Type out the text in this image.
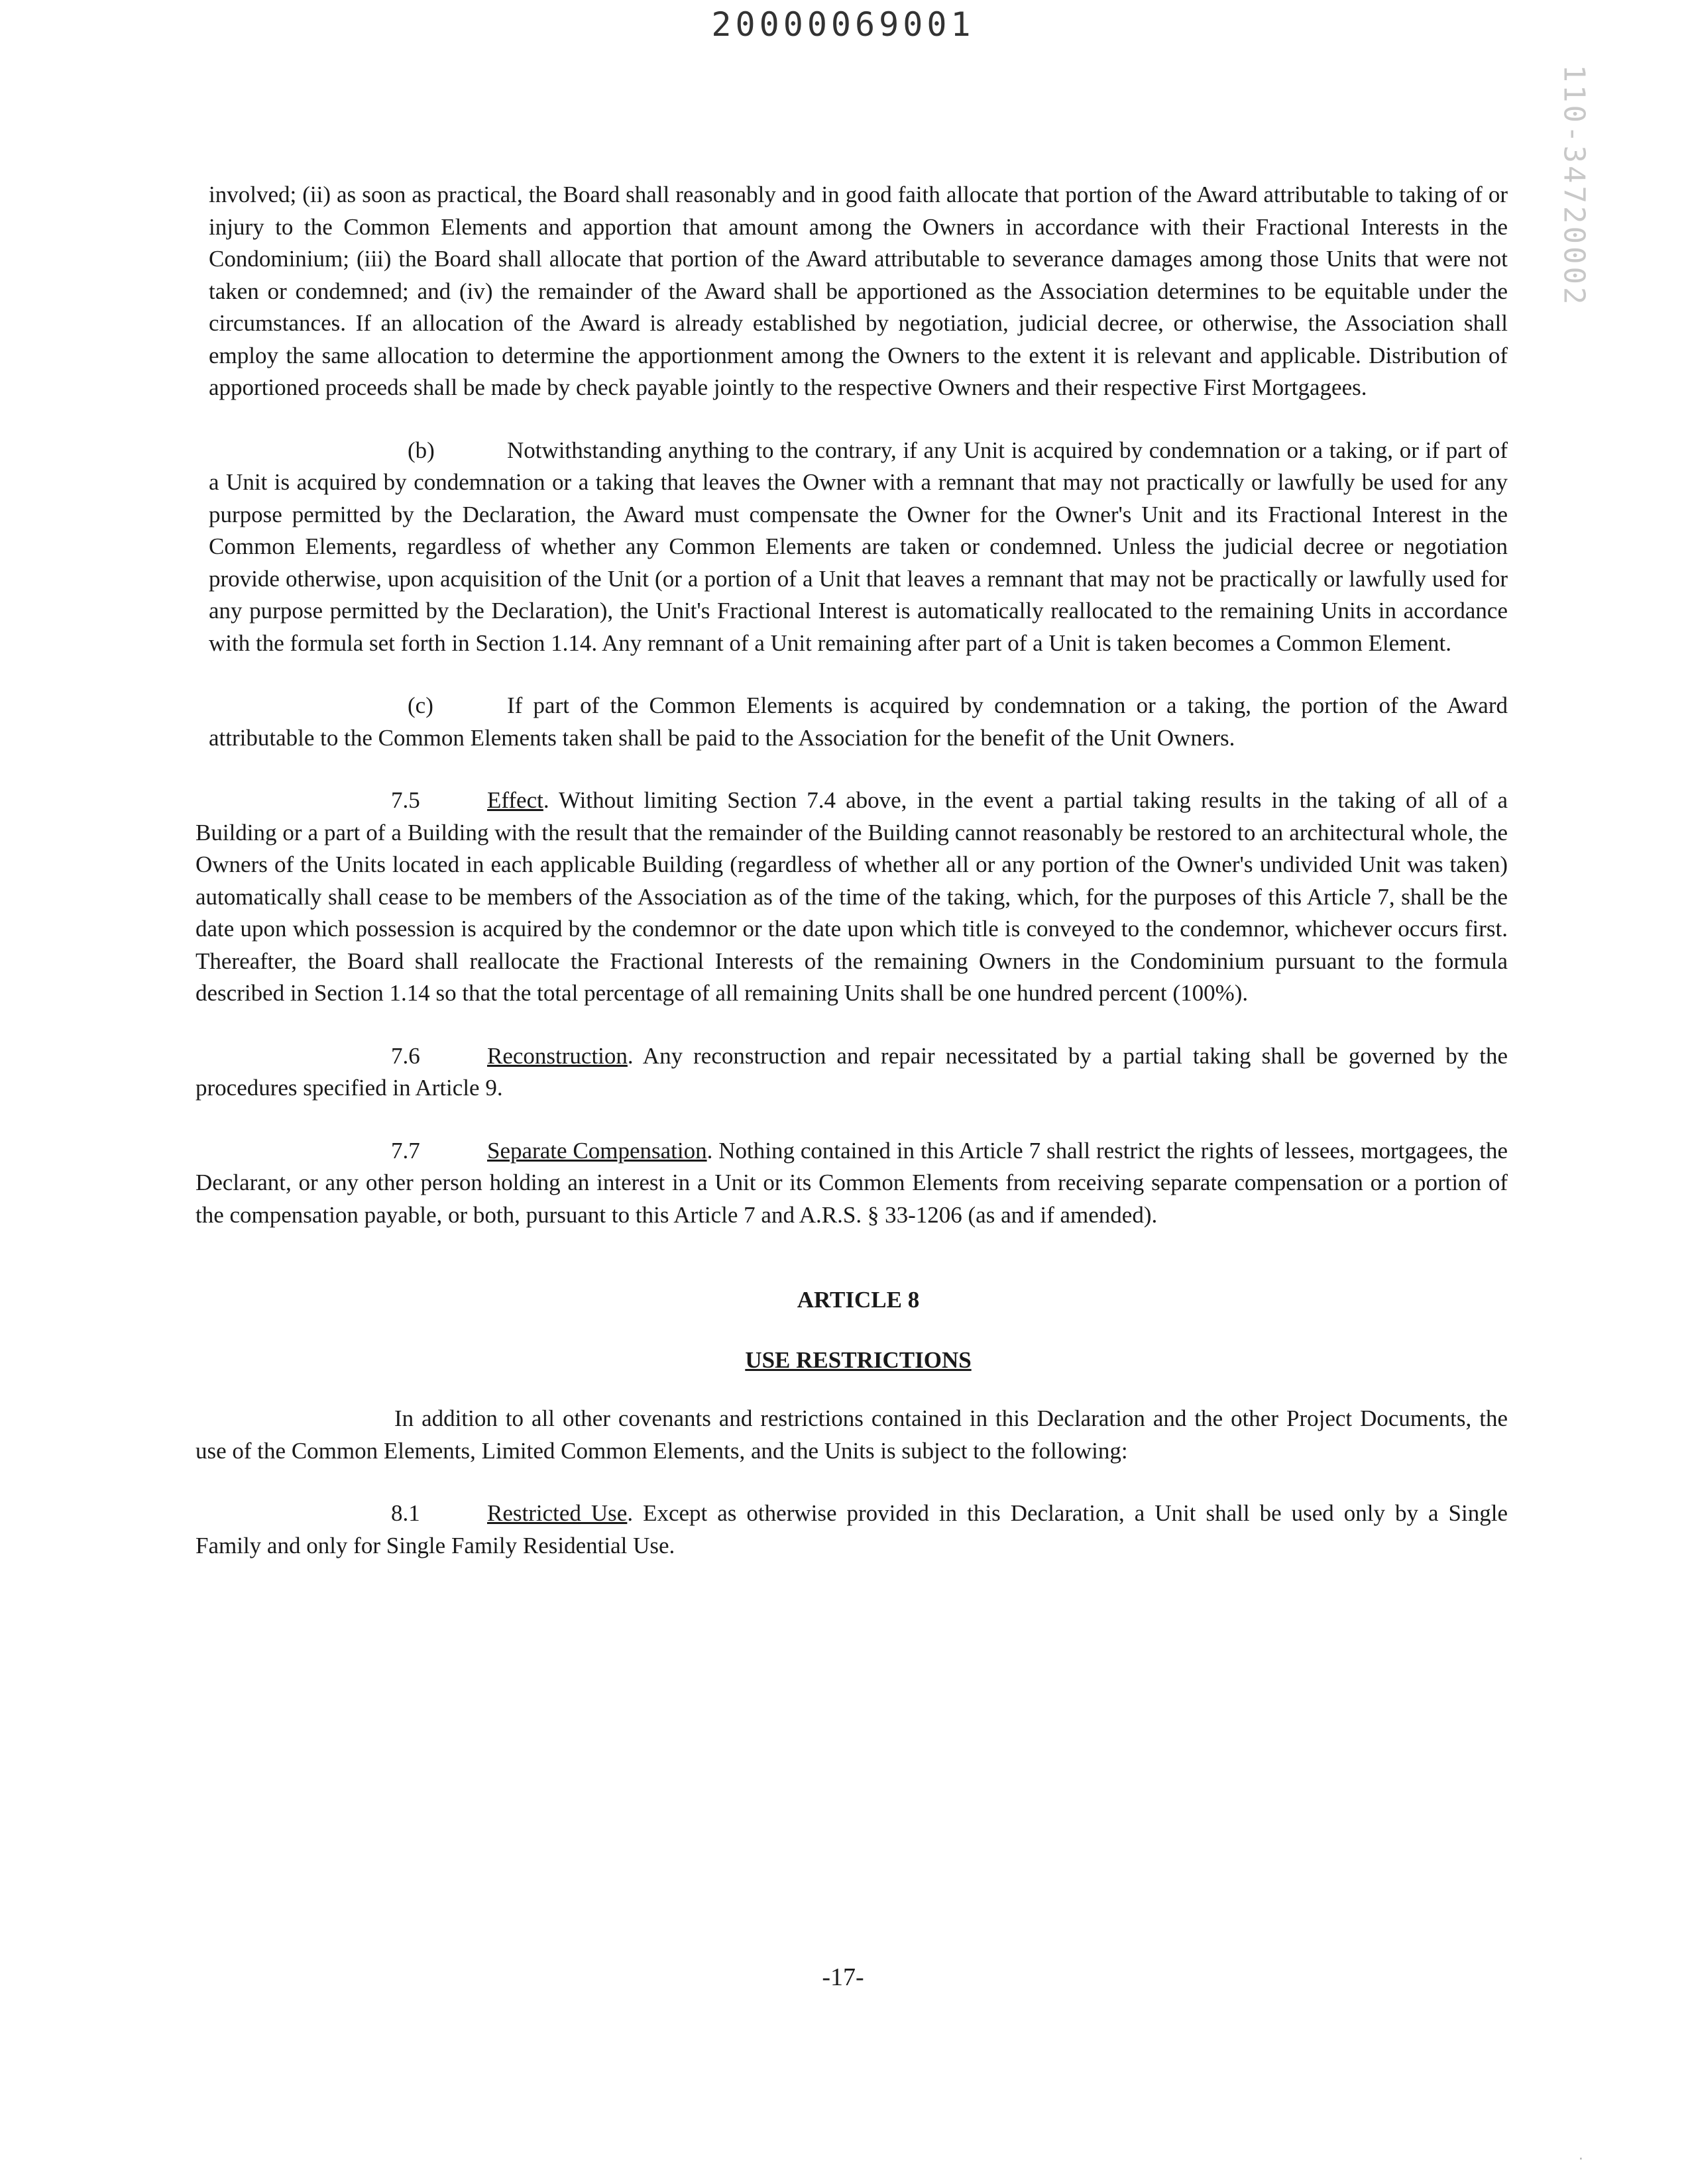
20000069001
110-34720002

involved; (ii) as soon as practical, the Board shall reasonably and in good faith allocate that portion of the Award attributable to taking of or injury to the Common Elements and apportion that amount among the Owners in accordance with their Fractional Interests in the Condominium; (iii) the Board shall allocate that portion of the Award attributable to severance damages among those Units that were not taken or condemned; and (iv) the remainder of the Award shall be apportioned as the Association determines to be equitable under the circumstances. If an allocation of the Award is already established by negotiation, judicial decree, or otherwise, the Association shall employ the same allocation to determine the apportionment among the Owners to the extent it is relevant and applicable. Distribution of apportioned proceeds shall be made by check payable jointly to the respective Owners and their respective First Mortgagees.

(b)	Notwithstanding anything to the contrary, if any Unit is acquired by condemnation or a taking, or if part of a Unit is acquired by condemnation or a taking that leaves the Owner with a remnant that may not practically or lawfully be used for any purpose permitted by the Declaration, the Award must compensate the Owner for the Owner's Unit and its Fractional Interest in the Common Elements, regardless of whether any Common Elements are taken or condemned. Unless the judicial decree or negotiation provide otherwise, upon acquisition of the Unit (or a portion of a Unit that leaves a remnant that may not be practically or lawfully used for any purpose permitted by the Declaration), the Unit's Fractional Interest is automatically reallocated to the remaining Units in accordance with the formula set forth in Section 1.14. Any remnant of a Unit remaining after part of a Unit is taken becomes a Common Element.

(c)	If part of the Common Elements is acquired by condemnation or a taking, the portion of the Award attributable to the Common Elements taken shall be paid to the Association for the benefit of the Unit Owners.

7.5	Effect. Without limiting Section 7.4 above, in the event a partial taking results in the taking of all of a Building or a part of a Building with the result that the remainder of the Building cannot reasonably be restored to an architectural whole, the Owners of the Units located in each applicable Building (regardless of whether all or any portion of the Owner's undivided Unit was taken) automatically shall cease to be members of the Association as of the time of the taking, which, for the purposes of this Article 7, shall be the date upon which possession is acquired by the condemnor or the date upon which title is conveyed to the condemnor, whichever occurs first. Thereafter, the Board shall reallocate the Fractional Interests of the remaining Owners in the Condominium pursuant to the formula described in Section 1.14 so that the total percentage of all remaining Units shall be one hundred percent (100%).

7.6	Reconstruction. Any reconstruction and repair necessitated by a partial taking shall be governed by the procedures specified in Article 9.

7.7	Separate Compensation. Nothing contained in this Article 7 shall restrict the rights of lessees, mortgagees, the Declarant, or any other person holding an interest in a Unit or its Common Elements from receiving separate compensation or a portion of the compensation payable, or both, pursuant to this Article 7 and A.R.S. § 33-1206 (as and if amended).

ARTICLE 8

USE RESTRICTIONS

In addition to all other covenants and restrictions contained in this Declaration and the other Project Documents, the use of the Common Elements, Limited Common Elements, and the Units is subject to the following:

8.1	Restricted Use. Except as otherwise provided in this Declaration, a Unit shall be used only by a Single Family and only for Single Family Residential Use.

-17-
·
